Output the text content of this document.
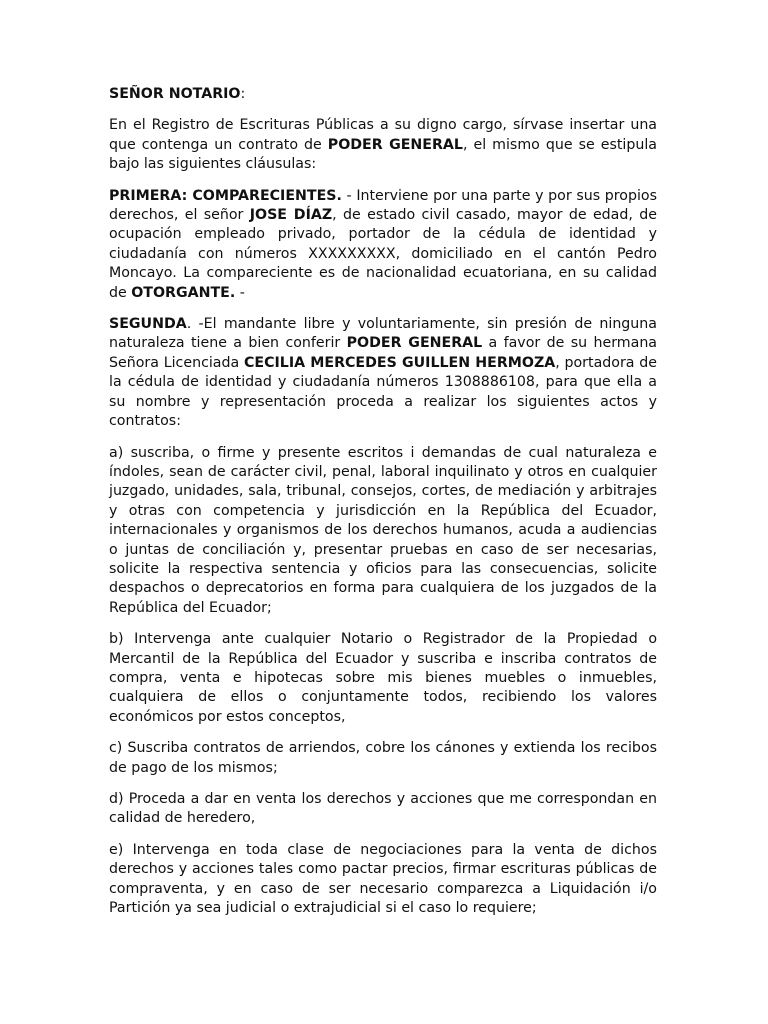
SEÑOR NOTARIO:

En el Registro de Escrituras Públicas a su digno cargo, sírvase insertar una que contenga un contrato de PODER GENERAL, el mismo que se estipula bajo las siguientes cláusulas:

PRIMERA: COMPARECIENTES. - Interviene por una parte y por sus propios derechos, el señor JOSE DÍAZ, de estado civil casado, mayor de edad, de ocupación empleado privado, portador de la cédula de identidad y ciudadanía con números XXXXXXXXX, domiciliado en el cantón Pedro Moncayo. La compareciente es de nacionalidad ecuatoriana, en su calidad de OTORGANTE. -

SEGUNDA. -El mandante libre y voluntariamente, sin presión de ninguna naturaleza tiene a bien conferir PODER GENERAL a favor de su hermana Señora Licenciada CECILIA MERCEDES GUILLEN HERMOZA, portadora de la cédula de identidad y ciudadanía números 1308886108, para que ella a su nombre y representación proceda a realizar los siguientes actos y contratos:

a) suscriba, o firme y presente escritos i demandas de cual naturaleza e índoles, sean de carácter civil, penal, laboral inquilinato y otros en cualquier juzgado, unidades, sala, tribunal, consejos, cortes, de mediación y arbitrajes y otras con competencia y jurisdicción en la República del Ecuador, internacionales y organismos de los derechos humanos, acuda a audiencias o juntas de conciliación y, presentar pruebas en caso de ser necesarias, solicite la respectiva sentencia y oficios para las consecuencias, solicite despachos o deprecatorios en forma para cualquiera de los juzgados de la República del Ecuador;

b) Intervenga ante cualquier Notario o Registrador de la Propiedad o Mercantil de la República del Ecuador y suscriba e inscriba contratos de compra, venta e hipotecas sobre mis bienes muebles o inmuebles, cualquiera de ellos o conjuntamente todos, recibiendo los valores económicos por estos conceptos,

c) Suscriba contratos de arriendos, cobre los cánones y extienda los recibos de pago de los mismos;

d) Proceda a dar en venta los derechos y acciones que me correspondan en calidad de heredero,

e) Intervenga en toda clase de negociaciones para la venta de dichos derechos y acciones tales como pactar precios, firmar escrituras públicas de compraventa, y en caso de ser necesario comparezca a Liquidación i/o Partición ya sea judicial o extrajudicial si el caso lo requiere;
